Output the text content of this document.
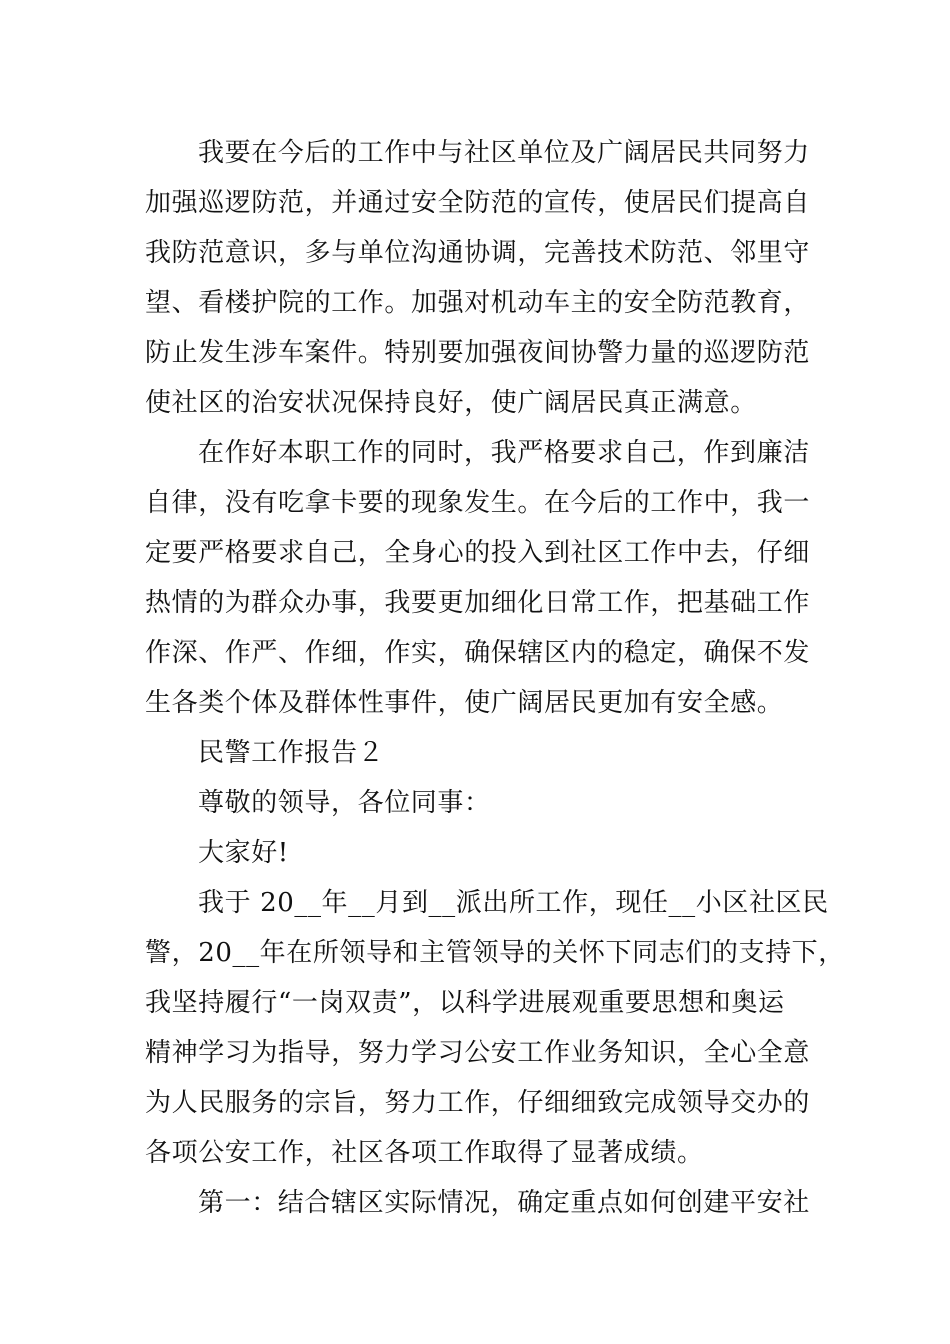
我要在今后的工作中与社区单位及广阔居民共同努力
加强巡逻防范，并通过安全防范的宣传，使居民们提高自
我防范意识，多与单位沟通协调，完善技术防范、邻里守
望、看楼护院的工作。加强对机动车主的安全防范教育，
防止发生涉车案件。特别要加强夜间协警力量的巡逻防范
使社区的治安状况保持良好，使广阔居民真正满意。
在作好本职工作的同时，我严格要求自己，作到廉洁
自律，没有吃拿卡要的现象发生。在今后的工作中，我一
定要严格要求自己，全身心的投入到社区工作中去，仔细
热情的为群众办事，我要更加细化日常工作，把基础工作
作深、作严、作细，作实，确保辖区内的稳定，确保不发
生各类个体及群体性事件，使广阔居民更加有安全感。
民警工作报告２
尊敬的领导，各位同事：
大家好!
我于 20__年__月到__派出所工作，现任__小区社区民
警，20__年在所领导和主管领导的关怀下同志们的支持下，
我坚持履行“一岗双责”，以科学进展观重要思想和奥运
精神学习为指导，努力学习公安工作业务知识，全心全意
为人民服务的宗旨，努力工作，仔细细致完成领导交办的
各项公安工作，社区各项工作取得了显著成绩。
第一：结合辖区实际情况，确定重点如何创建平安社
